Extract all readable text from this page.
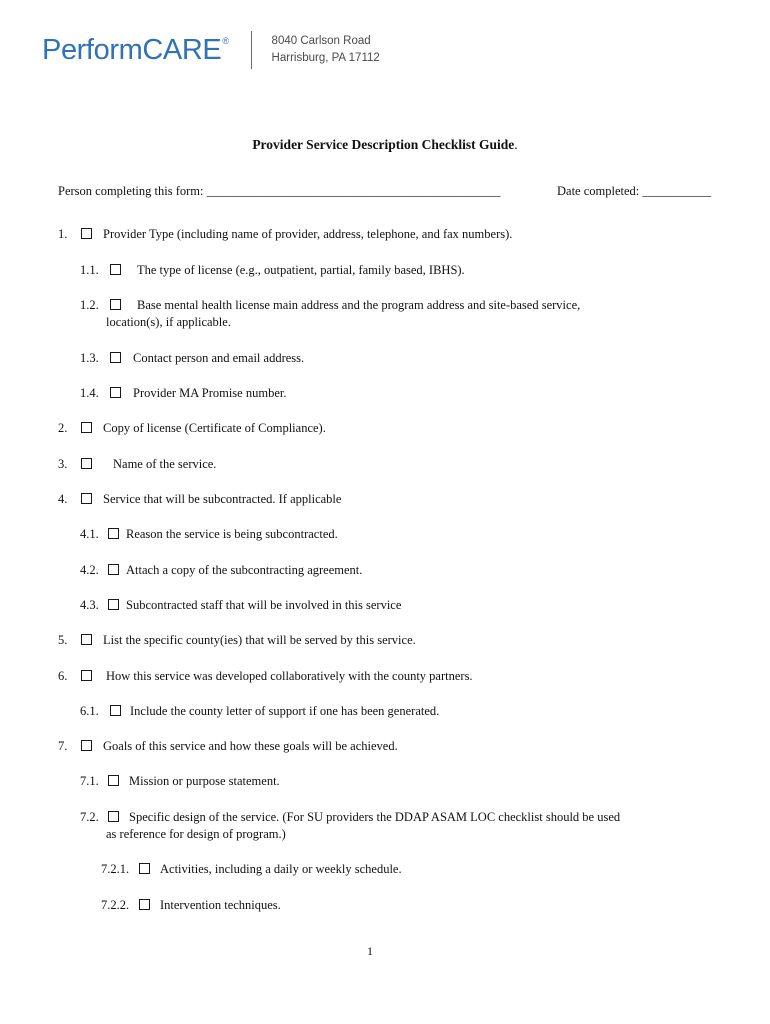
PerformCARE®	8040 Carlson Road
Harrisburg, PA 17112
Provider Service Description Checklist Guide.
Person completing this form: _______________________________________________	Date completed: ___________
1.	Provider Type (including name of provider, address, telephone, and fax numbers).
1.1.	The type of license (e.g., outpatient, partial, family based, IBHS).
1.2.	Base mental health license main address and the program address and site-based service,
location(s), if applicable.
1.3.	Contact person and email address.
1.4.	Provider MA Promise number.
2.	Copy of license (Certificate of Compliance).
3.	Name of the service.
4.	Service that will be subcontracted. If applicable
4.1. Reason the service is being subcontracted.
4.2. Attach a copy of the subcontracting agreement.
4.3. Subcontracted staff that will be involved in this service
5.	List the specific county(ies) that will be served by this service.
6.	How this service was developed collaboratively with the county partners.
6.1.	Include the county letter of support if one has been generated.
7.	Goals of this service and how these goals will be achieved.
7.1. Mission or purpose statement.
7.2. Specific design of the service. (For SU providers the DDAP ASAM LOC checklist should be used
as reference for design of program.)
7.2.1. Activities, including a daily or weekly schedule.
7.2.2. Intervention techniques.
1
